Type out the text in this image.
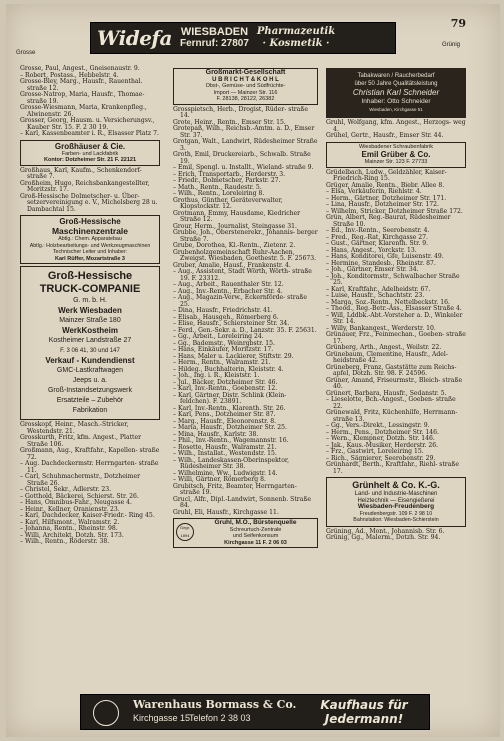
79
Grosse
Grünig
Widefa WIESBADEN
Fernruf: 27807
Pharmazeutik
· Kosmetik ·

Grosse, Paul, Angest., Gneisenaustr. 9.

– Robert, Postass., Hebbelstr. 4.

Grosse-Bley, Marg., Hausfr., Rauenthal. straße 12.

Grosse-Natrop, Maria, Hausfr., Thomae- straße 19.

Grosse-Wiesmann, Maria, Krankenpfleg., Alwinenstr. 26.

Grosser, Georg, Hausm. u. Versicherungsv., Kauber Str. 15. F. 2 30 19.

– Karl, Kassenbeamter i. R., Elsasser Platz 7.

Großhäuser & Cie.
Farben- und Lackfabrik
Kontor: Dotzheimer Str. 21 F. 22121

Großhaus, Karl, Kaufm., Schenkendorf- straße 7.

Großheim, Hugo, Reichsbankangestellter, Moritzstr. 17.

Groß-Hessische Dolmetscher- u. Über- setzervereinigung e. V., Michelsberg 28 u. Dambachtal 15.

Groß-Hessische
Maschinenzentrale
Abtlg.: Chem. Apparatebau
Abtlg.: Holzbearbeitungs- und Werkzeugmaschinen
Technischer Leiter und Inhaber:
Karl Rüffer, Mozartstraße 3
Groß-Hessische
TRUCK-COMPANIE
G. m. b. H.
Werk Wiesbaden
Mainzer Straße 180
WerkKostheim
Kostheimer Landstraße 27
F. 3 06 41, 30 und 147
Verkauf - Kundendienst
GMC-Lastkraftwagen
Jeeps u. a.
Groß-Instandsetzungswerk
Ersatzteile – Zubehör
Fabrikation

Grosskopf, Heinr., Masch.-Stricker, Westendstr. 21.

Grosskurth, Fritz, kfm. Angest., Platter Straße 106.

Großmann, Aug., Kraftfahr., Kapellen- straße 72.

– Aug. Dachdeckermstr. Herrngarten- straße 11.

– Carl, Schuhmachermstr., Dotzheimer Straße 26.

– Christel, Sekr., Adlerstr. 23.

– Gotthold, Bäckerei, Schierst. Str. 26.

– Hans, Omnibus-Fahr., Neugasse 4.

– Heinr., Kellner, Oranienstr. 23.

– Karl, Dachdecker, Kaiser-Friedr.- Ring 45.

– Karl, Hilfsmont., Walramstr. 2.

– Johanna, Rentn., Rheinstr. 98.

– Willi, Architekt, Dotzh. Str. 173.

– Wilh., Rentn., Röderstr. 38.

Großmarkt-Gesellschaft
U B R I C H T & K O H L
Obst-, Gemüse- und Südfrüchte-
Import — Mainzer Str. 116
F. 28138, 28122, 26382

Grosspietsch, Herb., Drogist, Rüder- straße 14.

Grote, Heinr., Rentn., Emser Str. 15.

Grotepaß, Wilh., Reichsb.-Amtm. a. D., Emser Str. 37.

Grotgan, Walt., Landwirt, Rüdesheimer Straße 3.

Groth, Emil, Druckereiarb., Schwalb. Straße 19.

– Emil, Spengl. u. Installt., Wieland- straße 9.

– Erich, Transportarb., Herderstr. 3.

– Friedr., Dolmetscher, Parkstr. 27.

– Math., Rentn., Raudestr. 5.

– Wilh., Rentn., Loreleiring 8.

Grothus, Günther, Geräteverwalter, Klopstockstr. 12.

Grotmann, Emmy, Hausdame, Kiedricher Straße 12.

Grour, Herm., Journalist, Steingasse 31.

Grubbe, Joh., Oberstenerekr., Johannis- berger Straße 7.

Grube, Dorothea, Kl.-Rentn., Zietenr. 2.

Grubenholzgemeinschaft Ruhr-Aachen, Zweigst. Wiesbaden, Goethestr. 5. F. 25673.

Gruber, Amalie, Hausf., Frankenstr. 4.

– Aug., Assistent, Stadt Wörth, Wörth- straße 19. F. 23312.

– Aug., Arbeit., Rauenthaler Str. 12.

– Aug., Inv.-Rentn., Erbacher Str. 4.

– Aug., Magazin-Verw., Eckernförde- straße 25.

– Dina, Hausfr., Friedrichstr. 41.

– Elisab., Hausgeh., Römerberg 6.

– Elise, Hausfr., Schiersteiner Str. 34.

– Ferd., Gen.-Sekr. a. D., Lanzstr. 35. F. 25631.

– Gg., Arbeit., Loreleiring 24.

– Gg., Bademstr., Weinrgbstr. 15.

– Hans, Einkäufer, Moritzstr. 17.

– Hans, Maler u. Lackierer, Stiftstr. 29.

– Herm., Rentn., Walramstr. 21.

– Hildeg., Buchhalterin, Kleiststr. 4.

– Joh., Ing. i. R., Kleiststr. 1.

– Jul., Bäcker, Dotzheimer Str. 46.

– Karl, Inv.-Rentn., Goebenstr. 12.

– Karl, Gärtner, Distr. Schlink (Klein- feldchen). F. 23891.

– Karl, Inv.-Rentn., Klarenth. Str. 26.

– Karl, Pens., Dotzheimer Str. 87.

– Marg., Hausfr., Eleonorenstr. 8.

– Maria, Hausfr., Dotzheimer Str. 25.

– Mina, Hausfr., Karlstr. 38.

– Phil., Inv.-Rentn., Wagemannstr. 16.

– Rosette, Hausfr., Walramstr. 21.

– Wilh., Installat., Westendstr. 15.

– Wilh., Landeskassen-Oberinspektor, Rüdesheimer Str. 38.

– Wilhelmine, Ww., Ludwigstr. 14.

– Willi, Gärtner, Römerberg 8.

Grubitsch, Fritz, Beamter, Herrngarten- straße 19.

Grucl, Alfr., Dipl.-Landwirt, Sonnenb. Straße 84.

Gruhl, Eli, Hausfr., Kirchgasse 11.

Gegr. 1894
Gruhl, M.O., Bürstenquelle
Schreurtuch-Zentrale
und Seifenkonsum
Kirchgasse 11 F. 2 06 03
Tabakwaren / Raucherbedarf
über 50 Jahre Qualitätsleistung
Christian Karl Schneider
Inhaber: Otto Schneider
Wiesbaden, Kirchgasse 51

Gruhl, Wolfgang, kfm. Angest., Herzogs- weg 4.

Grühel, Gertr., Hausfr., Emser Str. 44.

Wiesbadener Schraubenfabrik
Emil Grüber & Co.
Mainzer Str. 123 F. 27733

Grüdelbach, Ludw., Geldzähler, Kaiser- Friedrich-Ring 15.

Grüger, Amalie, Rentn., Biebr. Allee 8.

– Elsa, Verkäuferin, Riehlstr. 4.

– Herm., Gärtner, Dotzheimer Str. 171.

– Lina, Hausfr., Dotzheimer Str. 172.

– Wilhelm, Stricker, Dotzheimer Straße 172.

Grün, Albert, Reg.-Baurat, Rüdesheimer Straße 10.

– Ed., Inv.-Rentn., Seerobenstr. 4.

– Fred., Reg.-Rat, Kirchgasse 27.

– Gust., Gärtner, Klarenth. Str. 9.

– Hans, Angest., Yorckstr. 13.

– Hans, Konditorei, Gfe, Luisenstr. 49.

– Hermine, Standesb., Rheinstr. 87.

– Joh., Gärtner, Emser Str. 34.

– Joh., Konditormstr., Schwalbacher Straße 25.

– Karl, Kraftfahr., Adelheidstr. 67.

– Luise, Hausfr., Schachtstr. 23.

– Marga, Soz.-Rentn., Nettelbeckstr. 16.

– Theod., Reg.-Betr.-Ass., Elsasser Straße 4.

– Will, Lddbk.-Abt.-Vorsteher a. D., Winkeler Str. 14.

– Willy, Bankangest., Werderstr. 10.

Grünauer, Frz., Feinmechan., Goeben- straße 17.

Grünberg, Arth., Angest., Weilstr. 22.

Grünebaum, Clementine, Hausfr., Adel- heidstraße 42.

Grüneberg, Franz, Gaststätte zum Reichs- apfel, Dotzh. Str. 98. F. 24596.

Grüner, Amand, Friseurmstr., Bleich- straße 40.

Grünert, Barbara, Hausfr., Sedanstr. 5.

– Lieselotte, Bch.-Angest., Goeben- straße 22.

Grünewald, Fritz, Küchenhilfe, Herrmann- straße 13.

– Gg., Vers.-Direkt., Lessingstr. 9.

– Herm., Pens., Dotzheimer Str. 146.

– Wern., Klempner, Dotzh. Str. 146.

– Jak., Kaus.-Musiker, Herderstr. 26.

– Frz., Gastwirt, Loreleiring 15.

– Rich., Sägnierer, Seerobenstr. 29.

Grünhardt, Berth., Kraftfahr., Riehl- straße 17.

Grünhelt & Co. K.-G.
Land- und Industrie-Maschinen
Heiztechnik — Eisengießerei
Wiesbaden-Freudenberg
Freudenbergstr. 109 F. 2 98 10
Bahnstation: Wiesbaden-Schierstein

Grüning, Ad., Mont., Johannisb. Str. 6.

Grünig, Gg., Malerm., Dotzh. Str. 94.

Warenhaus Bormass & Co.
Kirchgasse 15
Telefon 2 38 03
Kaufhaus für
Jedermann!
